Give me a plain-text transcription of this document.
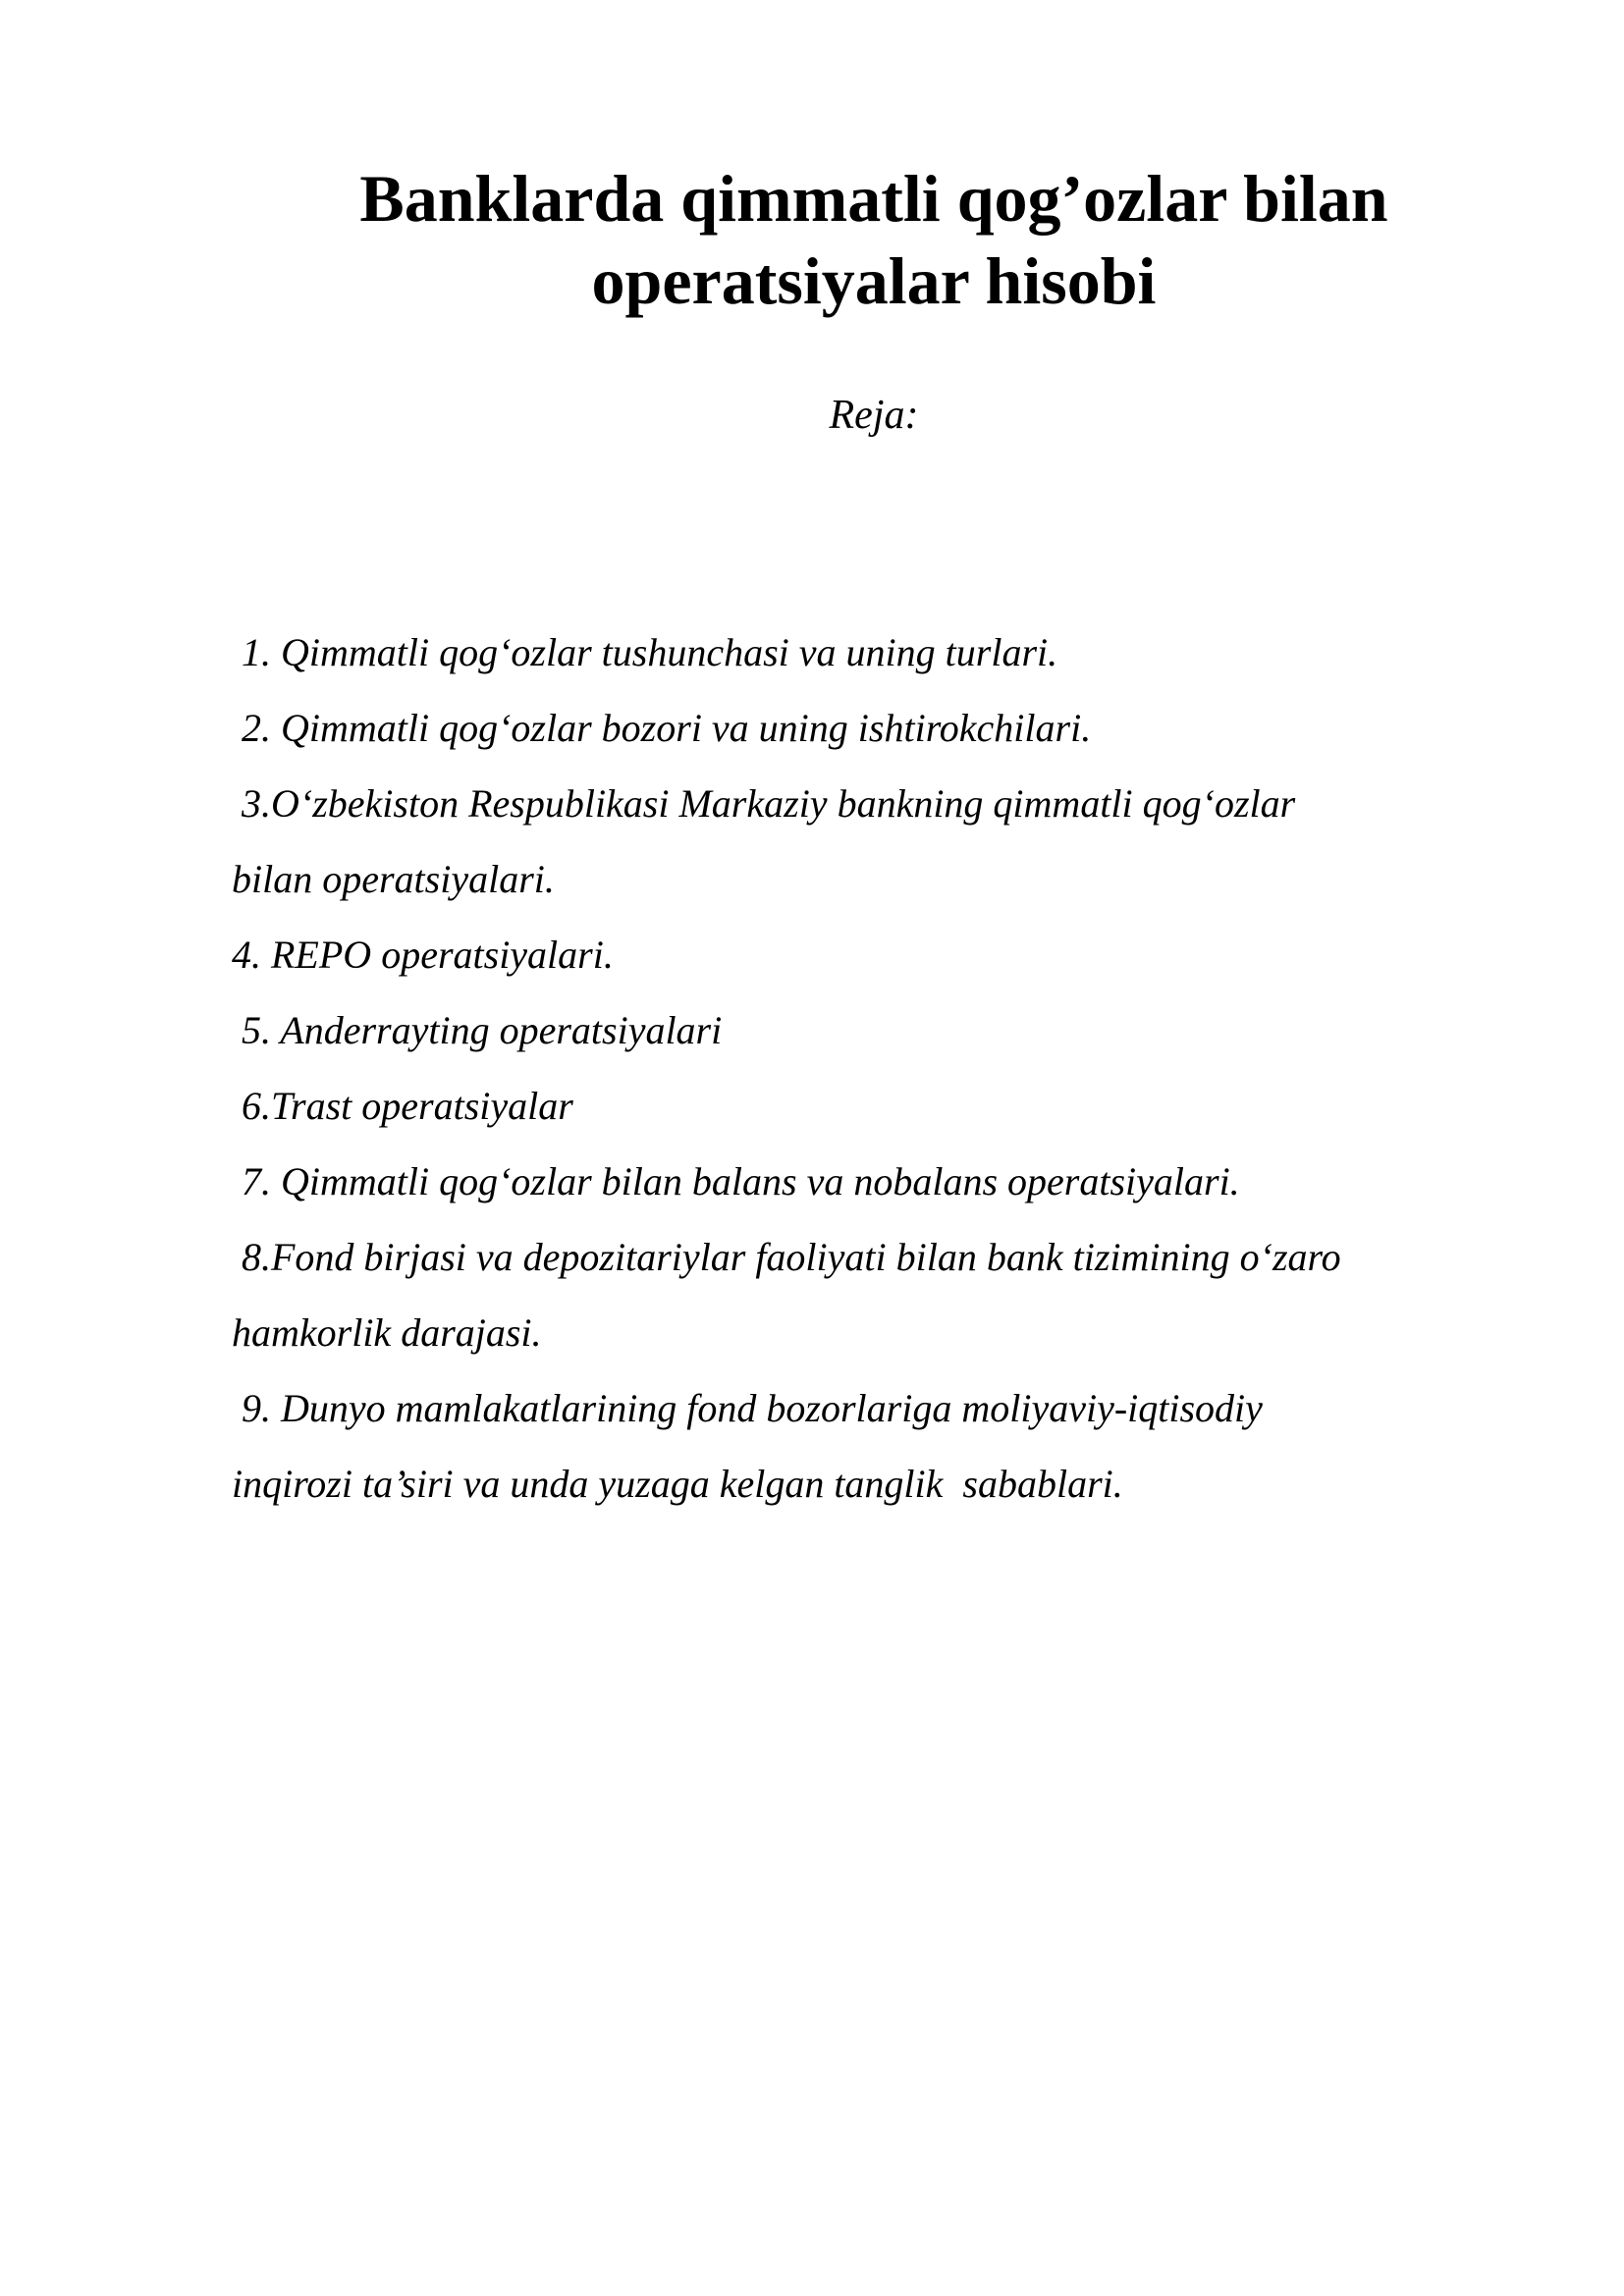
Banklarda qimmatli qog’ozlar bilan
operatsiyalar hisobi
Reja:
1. Qimmatli qog‘ozlar tushunchasi va uning turlari.
2. Qimmatli qog‘ozlar bozori va uning ishtirokchilari.
3.O‘zbekiston Respublikasi Markaziy bankning qimmatli qog‘ozlar
bilan operatsiyalari.
4. REPO operatsiyalari.
5. Anderrayting operatsiyalari
6.Trast operatsiyalar
7. Qimmatli qog‘ozlar bilan balans va nobalans operatsiyalari.
8.Fond birjasi va depozitariylar faoliyati bilan bank tizimining o‘zaro
hamkorlik darajasi.
9. Dunyo mamlakatlarining fond bozorlariga moliyaviy-iqtisodiy
inqirozi ta’siri va unda yuzaga kelgan tanglik  sabablari.
